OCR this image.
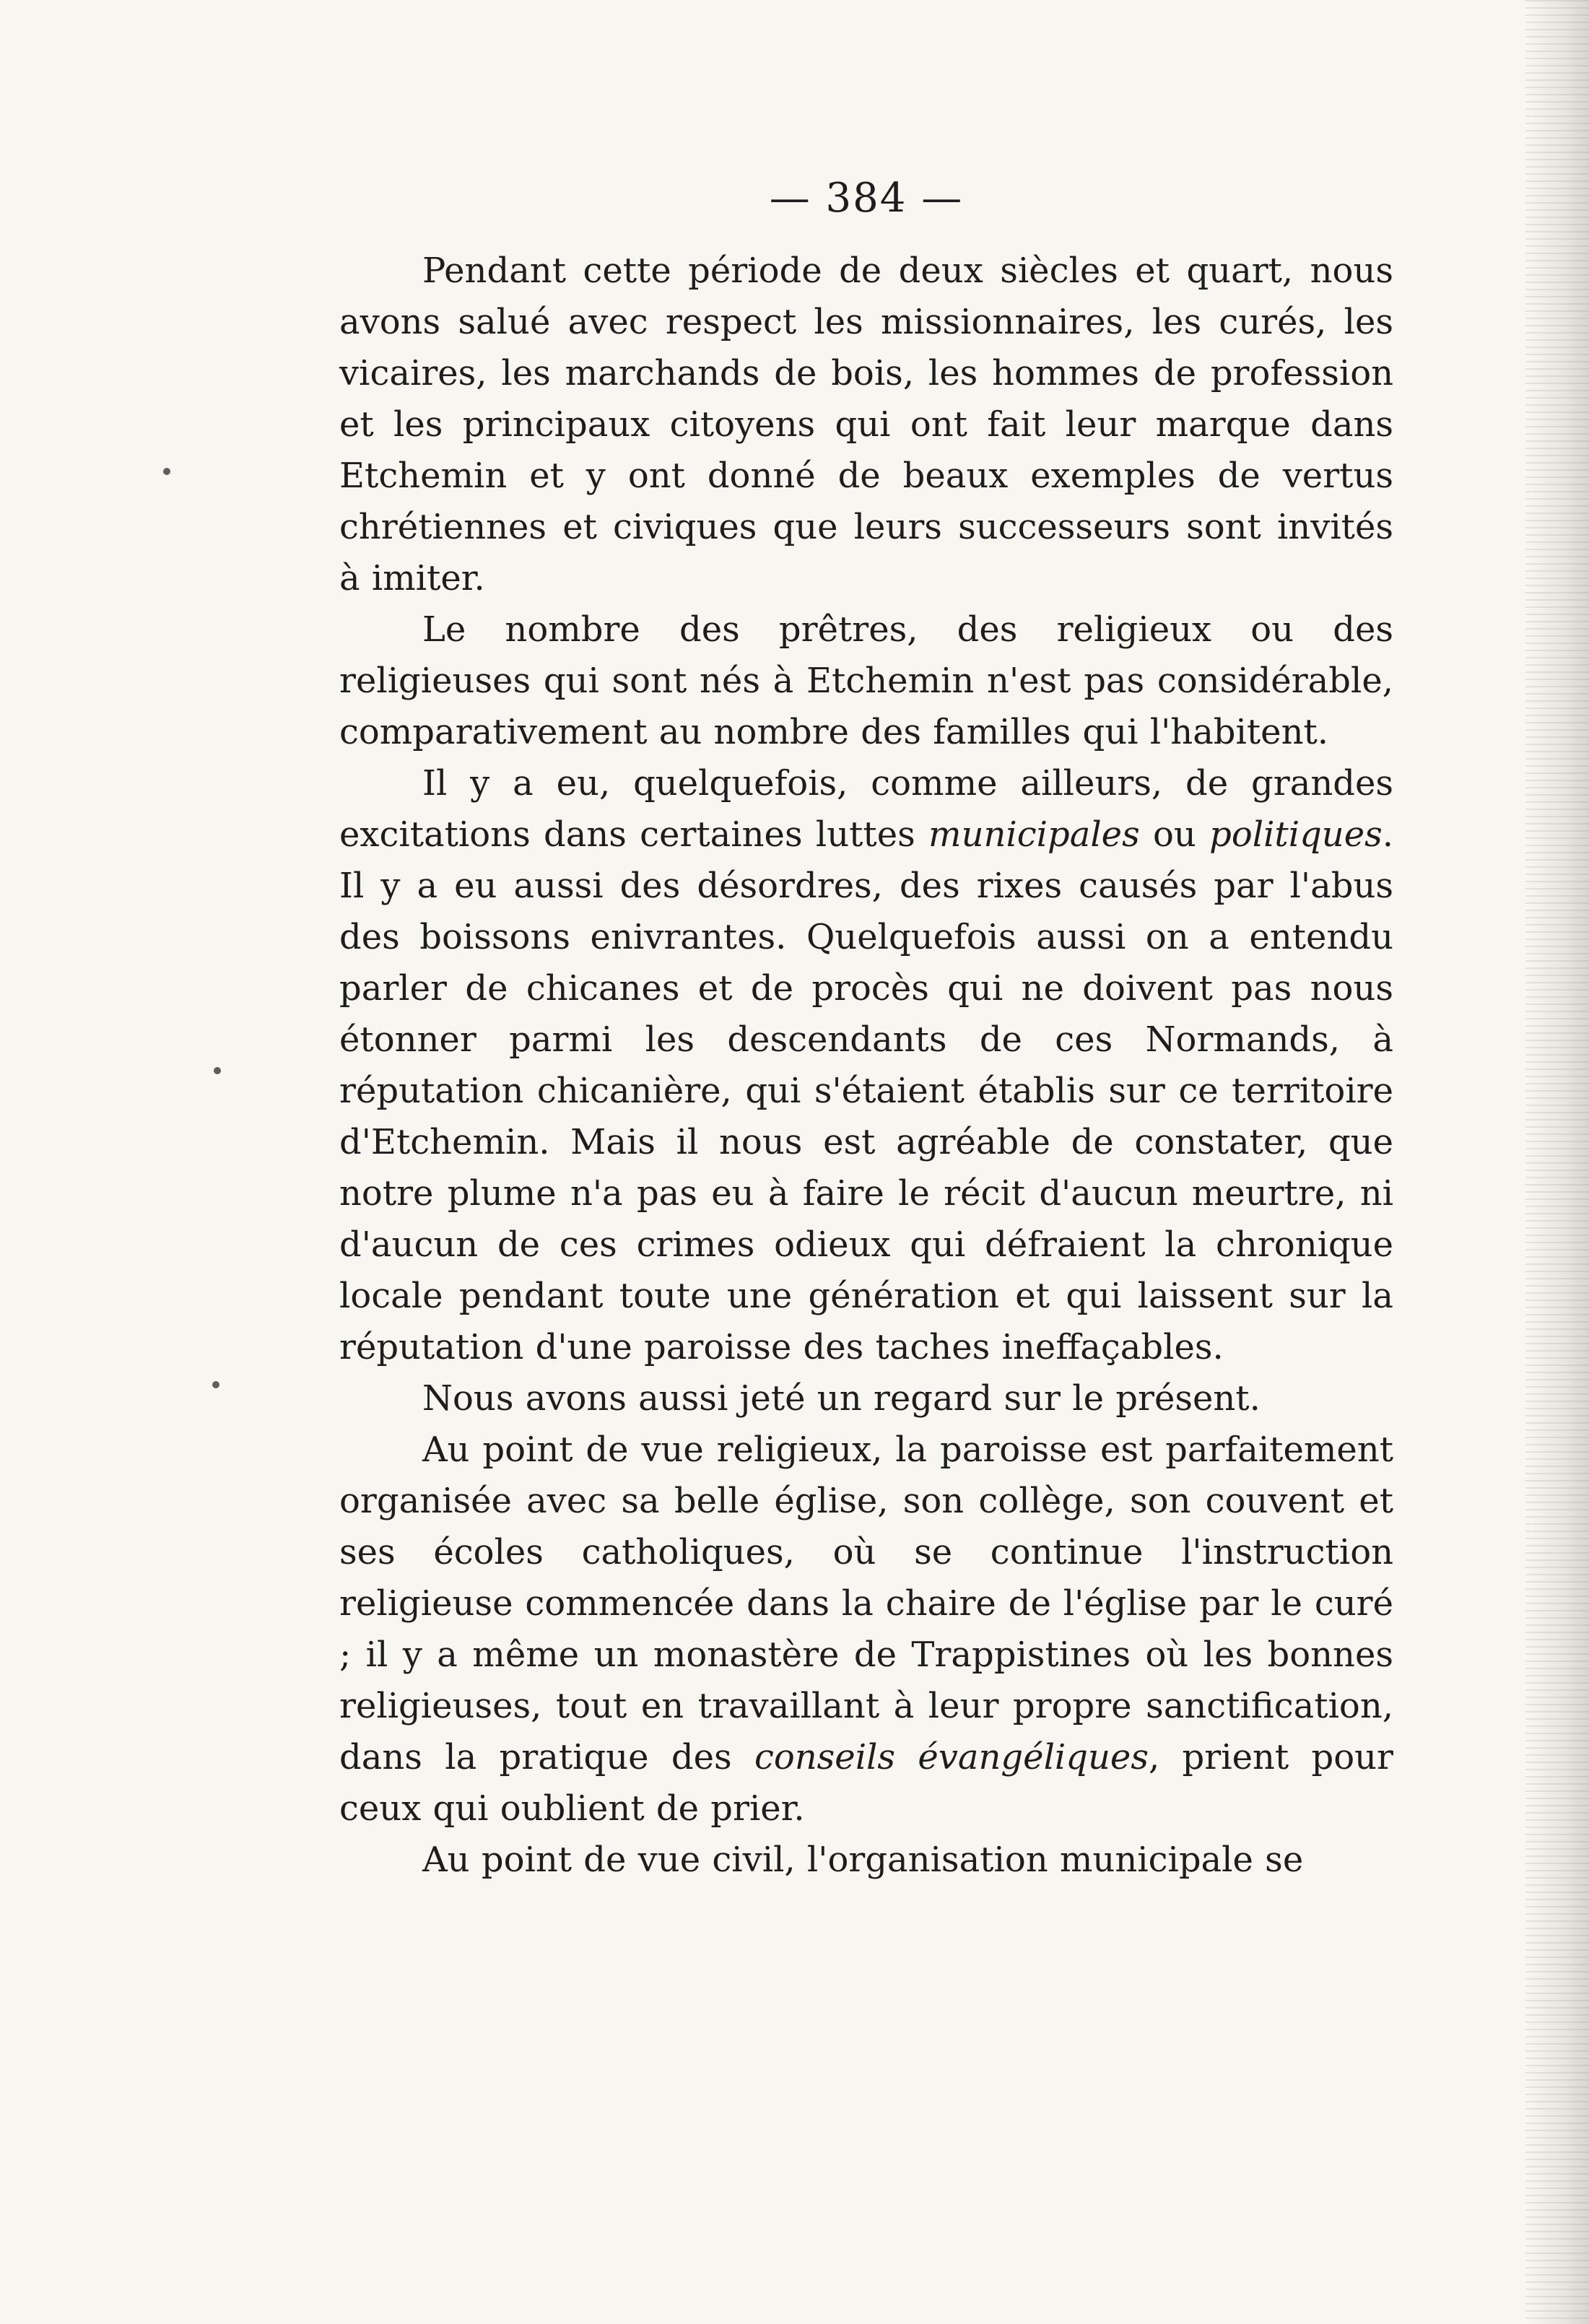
— 384 —

Pendant cette période de deux siècles et quart, nous avons salué avec respect les missionnaires, les curés, les vicaires, les marchands de bois, les hommes de profession et les principaux citoyens qui ont fait leur marque dans Etchemin et y ont donné de beaux exemples de vertus chrétiennes et civiques que leurs successeurs sont invités à imiter.

Le nombre des prêtres, des religieux ou des religieuses qui sont nés à Etchemin n'est pas considérable, comparativement au nombre des familles qui l'habitent.

Il y a eu, quelquefois, comme ailleurs, de grandes excitations dans certaines luttes municipales ou politiques. Il y a eu aussi des désordres, des rixes causés par l'abus des boissons enivrantes. Quelquefois aussi on a entendu parler de chicanes et de procès qui ne doivent pas nous étonner parmi les descendants de ces Normands, à réputation chicanière, qui s'étaient établis sur ce territoire d'Etchemin. Mais il nous est agréable de constater, que notre plume n'a pas eu à faire le récit d'aucun meurtre, ni d'aucun de ces crimes odieux qui défraient la chronique locale pendant toute une génération et qui laissent sur la réputation d'une paroisse des taches ineffaçables.

Nous avons aussi jeté un regard sur le présent.

Au point de vue religieux, la paroisse est parfaitement organisée avec sa belle église, son collège, son couvent et ses écoles catholiques, où se continue l'instruction religieuse commencée dans la chaire de l'église par le curé ; il y a même un monastère de Trappistines où les bonnes religieuses, tout en travaillant à leur propre sanctification, dans la pratique des conseils évangéliques, prient pour ceux qui oublient de prier.

Au point de vue civil, l'organisation municipale se
